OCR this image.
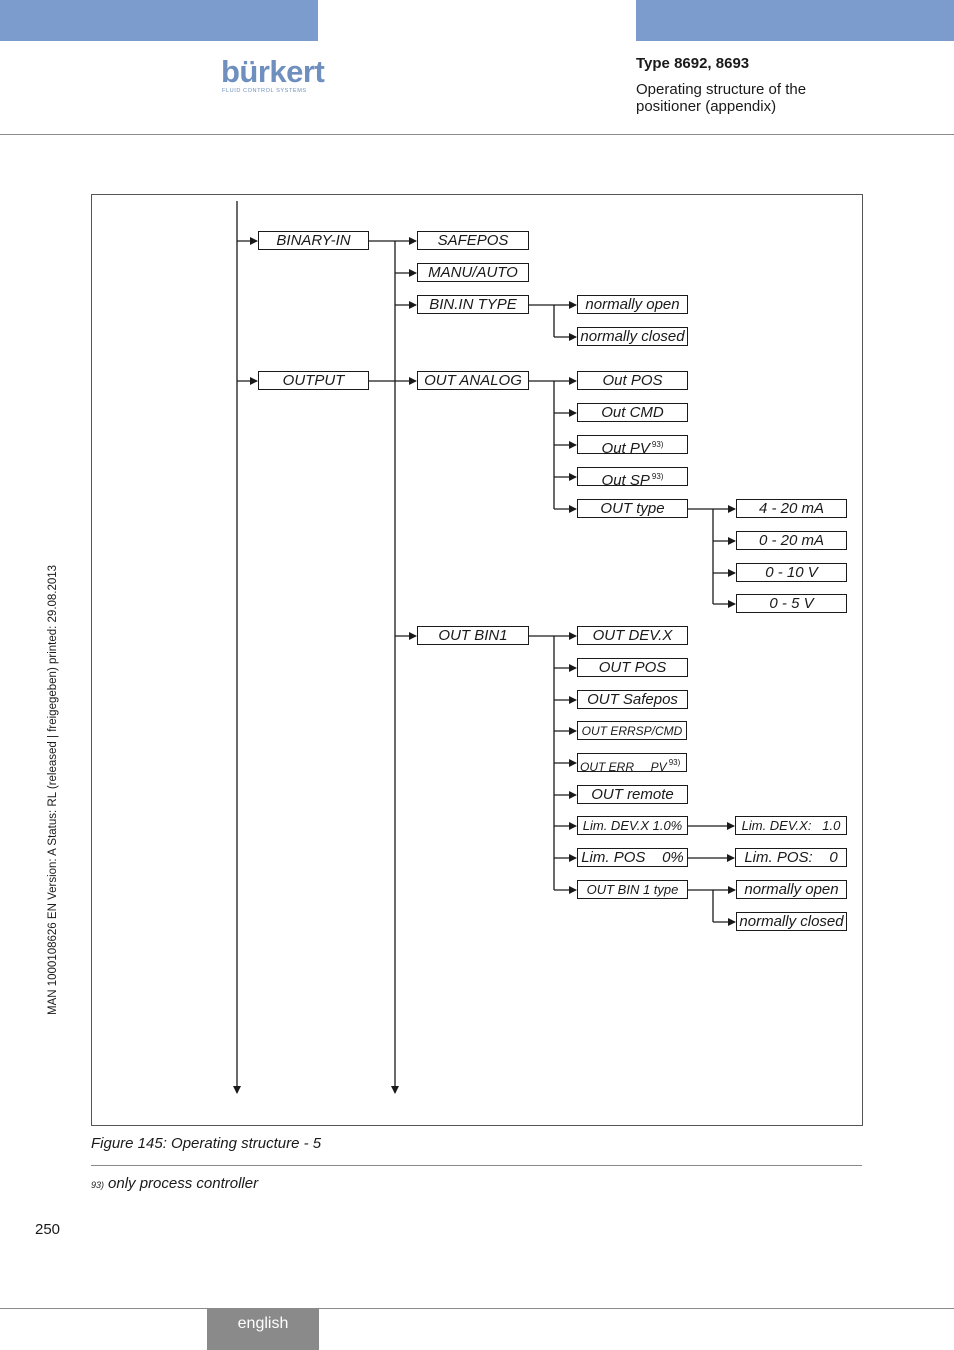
bürkert
FLUID CONTROL SYSTEMS
Type 8692, 8693
Operating structure of the positioner (appendix)
MAN 1000108626 EN Version: A Status: RL (released | freigegeben) printed: 29.08.2013
BINARY-IN
OUTPUT
SAFEPOS
MANU/AUTO
BIN.IN TYPE	normally open
normally closed
OUT ANALOG	Out POS
Out CMD
Out PV $^{93)}$
Out SP $^{93)}$
OUT type	4 - 20 mA
0 - 20 mA
0 - 10 V
0 - 5 V
OUT BIN1	OUT DEV.X
OUT POS
OUT Safepos
OUT ERRSP/CMD
OUT ERR     PV $^{93)}$
OUT remote
Lim. DEV.X 1.0%
Lim. POS    0%
OUT BIN 1 type
Lim. DEV.X:   1.0
Lim. POS:    0
normally open
normally closed
Figure 145: Operating structure - 5
93) only process controller
250
english
